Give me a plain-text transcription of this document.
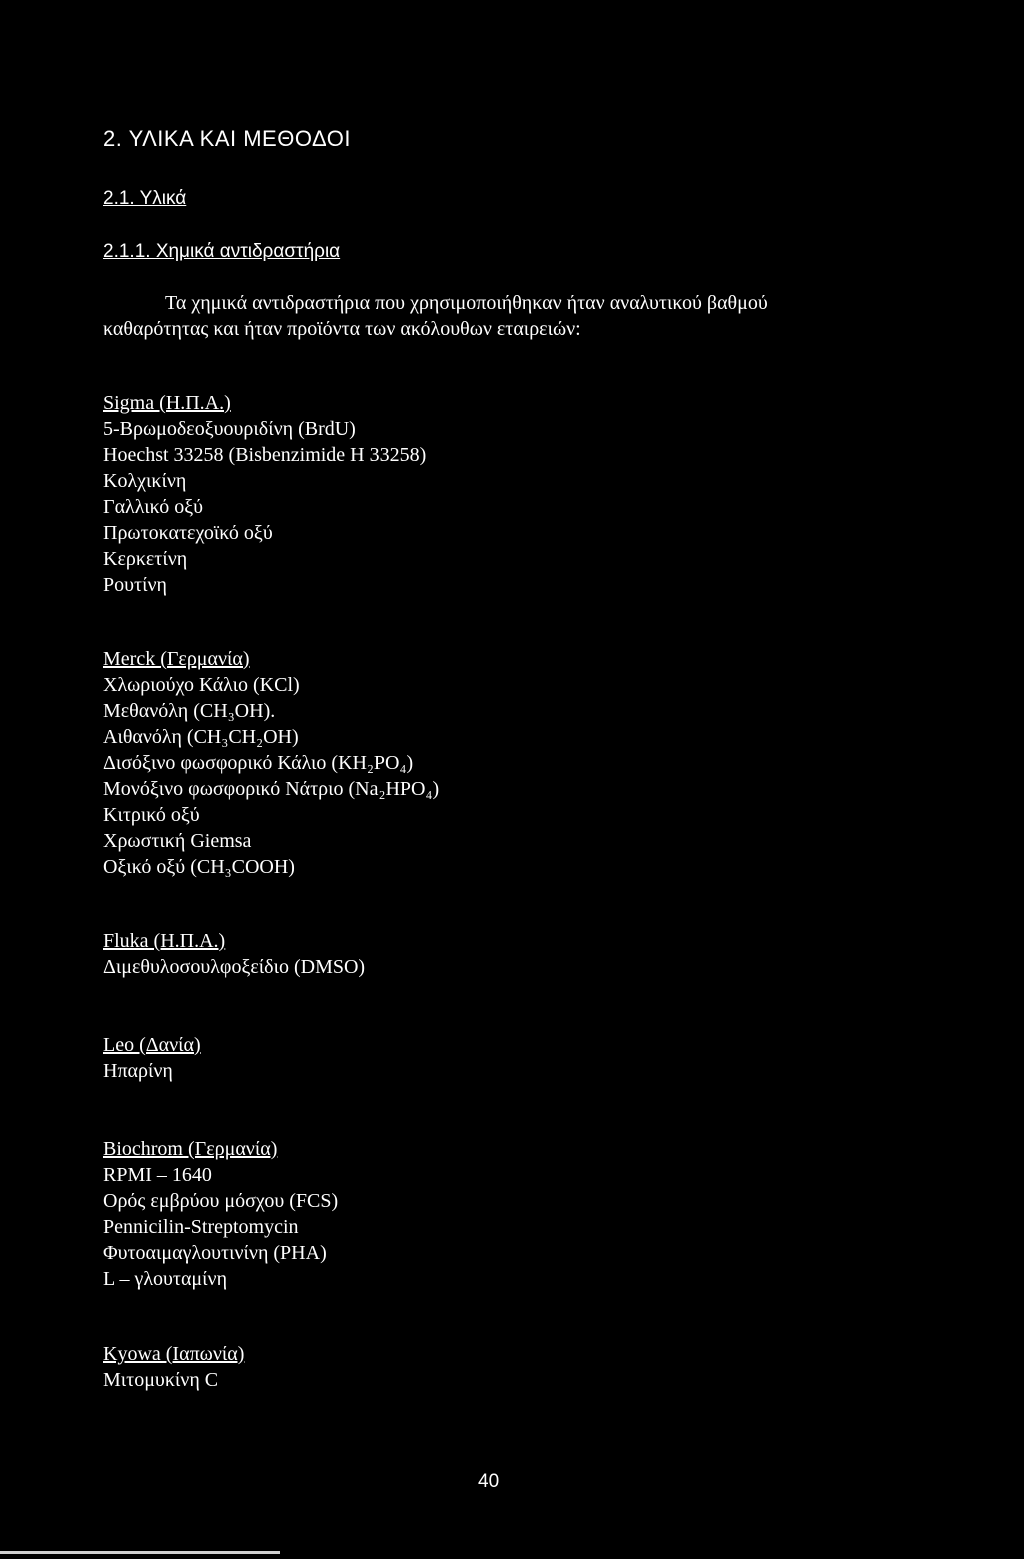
2. ΥΛΙΚΑ ΚΑΙ ΜΕΘΟΔΟΙ
2.1. Υλικά
2.1.1. Χημικά αντιδραστήρια
Τα χημικά αντιδραστήρια που χρησιμοποιήθηκαν ήταν αναλυτικού βαθμού
καθαρότητας και ήταν προϊόντα των ακόλουθων εταιρειών:
Sigma (Η.Π.Α.)
5-Βρωμοδεοξυουριδίνη (BrdU)
Hoechst 33258 (Bisbenzimide H 33258)
Κολχικίνη
Γαλλικό οξύ
Πρωτοκατεχοϊκό οξύ
Κερκετίνη
Ρουτίνη
Merck (Γερμανία)
Χλωριούχο Κάλιο (KCl)
Μεθανόλη (CH₃OH).
Αιθανόλη (CH₃CH₂OH)
Δισόξινο φωσφορικό Κάλιο (KH₂PO₄)
Μονόξινο φωσφορικό Νάτριο (Na₂HPO₄)
Κιτρικό οξύ
Χρωστική Giemsa
Οξικό οξύ (CH₃COOH)
Fluka (Η.Π.Α.)
Διμεθυλοσουλφοξείδιο (DMSO)
Leo (Δανία)
Ηπαρίνη
Biochrom (Γερμανία)
RPMI – 1640
Ορός εμβρύου μόσχου (FCS)
Pennicilin-Streptomycin
Φυτοαιμαγλουτινίνη (PHA)
L – γλουταμίνη
Kyowa (Ιαπωνία)
Μιτομυκίνη C
40
